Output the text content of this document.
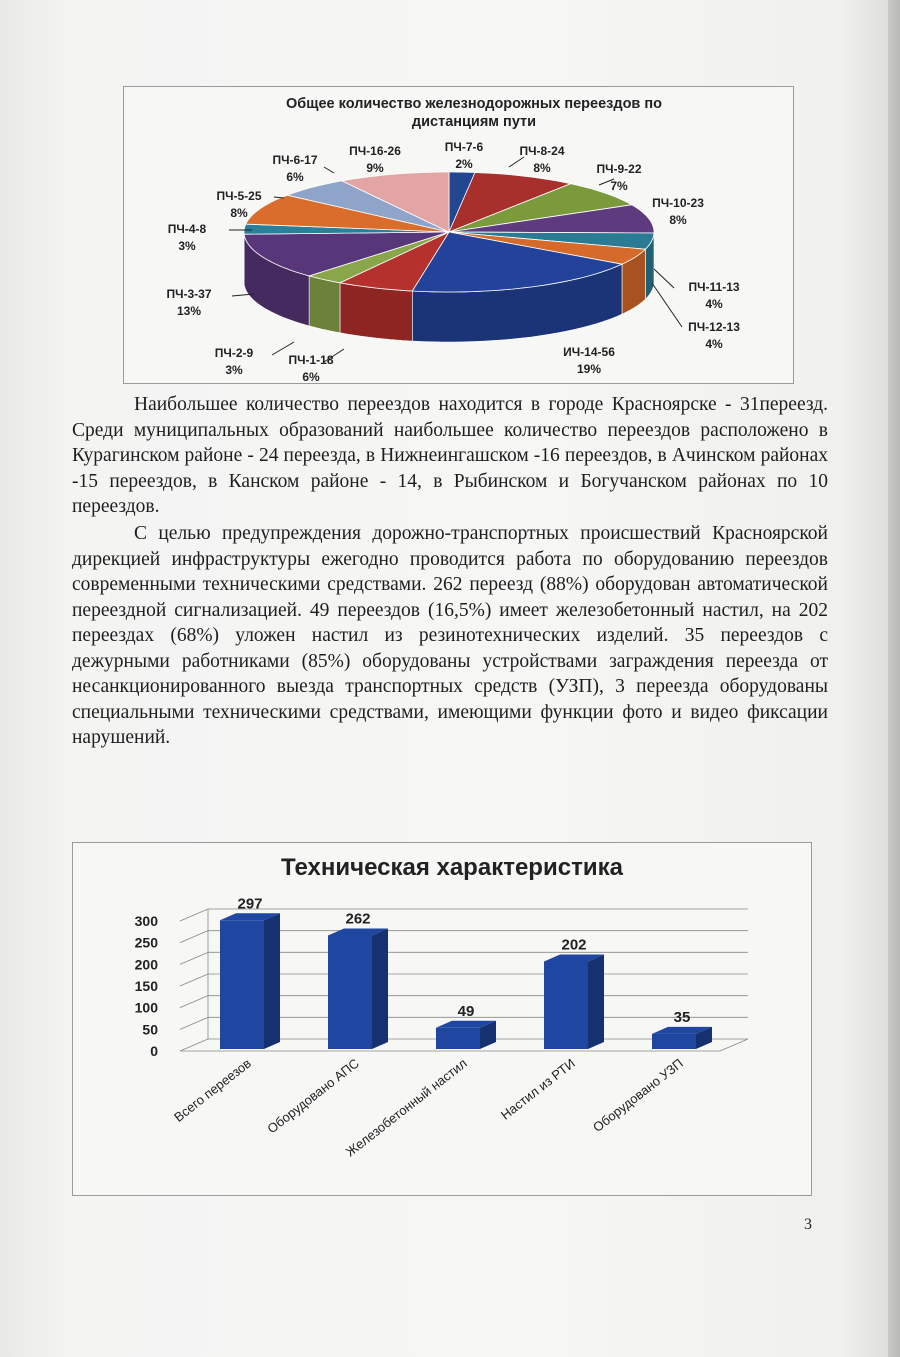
Общее количество железнодорожных переездов по
дистанциям пути
ПЧ-7-6
2%
ПЧ-8-24
8%	ПЧ-9-22
7%
ПЧ-10-23
8%
ПЧ-11-13
4%
ПЧ-12-13
4%
ИЧ-14-56
19%
ПЧ-1-18
6%
ПЧ-2-9
3%
ПЧ-3-37
13%
ПЧ-4-8
3%
ПЧ-5-25
8%
ПЧ-6-17
6%
ПЧ-16-26
9%

Наибольшее количество переездов находится в городе Красноярске - 31переезд. Среди муниципальных образований наибольшее количество переездов расположено в Курагинском районе - 24 переезда, в Нижнеингашском -16 переездов, в Ачинском районах -15 переездов, в Канском районе - 14, в Рыбинском и Богучанском районах по 10 переездов.

С целью предупреждения дорожно-транспортных происшествий Красноярской дирекцией инфраструктуры ежегодно проводится работа по оборудованию переездов современными техническими средствами. 262 переезд (88%) оборудован автоматической переездной сигнализацией. 49 переездов (16,5%) имеет железобетонный настил, на 202 переездах (68%) уложен настил из резинотехнических изделий. 35 переездов с дежурными работниками (85%) оборудованы устройствами заграждения переезда от несанкционированного выезда транспортных средств (УЗП), 3 переезда оборудованы специальными техническими средствами, имеющими функции фото и видео фиксации нарушений.

Техническая характеристика
0
50
100
150
200
250
300
297
262
49
202
35
Всего переезов Оборудовано АПС
Железобетонный настил Настил из РТИ Оборудовано УЗП
3
